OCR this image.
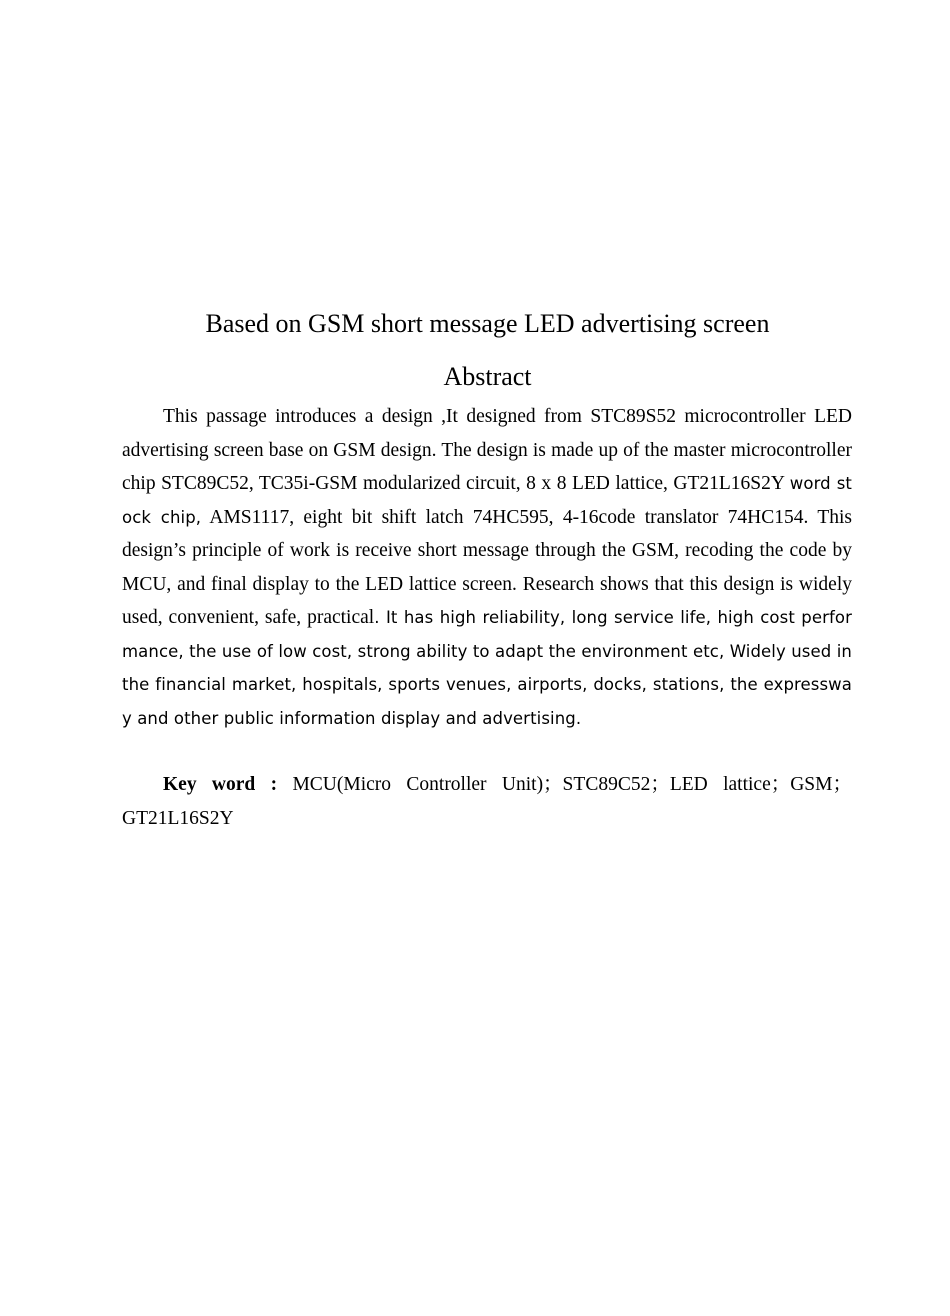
Based on GSM short message LED advertising screen
Abstract

This passage introduces a design ,It designed from STC89S52 microcontroller LED advertising screen base on GSM design. The design is made up of the master microcontroller chip STC89C52, TC35i-GSM modularized circuit, 8 x 8 LED lattice, GT21L16S2Y word stock chip, AMS1117, eight bit shift latch 74HC595, 4-16code translator 74HC154. This design’s principle of work is receive short message through the GSM, recoding the code by MCU, and final display to the LED lattice screen. Research shows that this design is widely used, convenient, safe, practical. It has high reliability, long service life, high cost performance, the use of low cost, strong ability to adapt the environment etc, Widely used in the financial market, hospitals, sports venues, airports, docks, stations, the expressway and other public information display and advertising.

Key word : MCU(Micro Controller Unit)；STC89C52；LED lattice；GSM；GT21L16S2Y
